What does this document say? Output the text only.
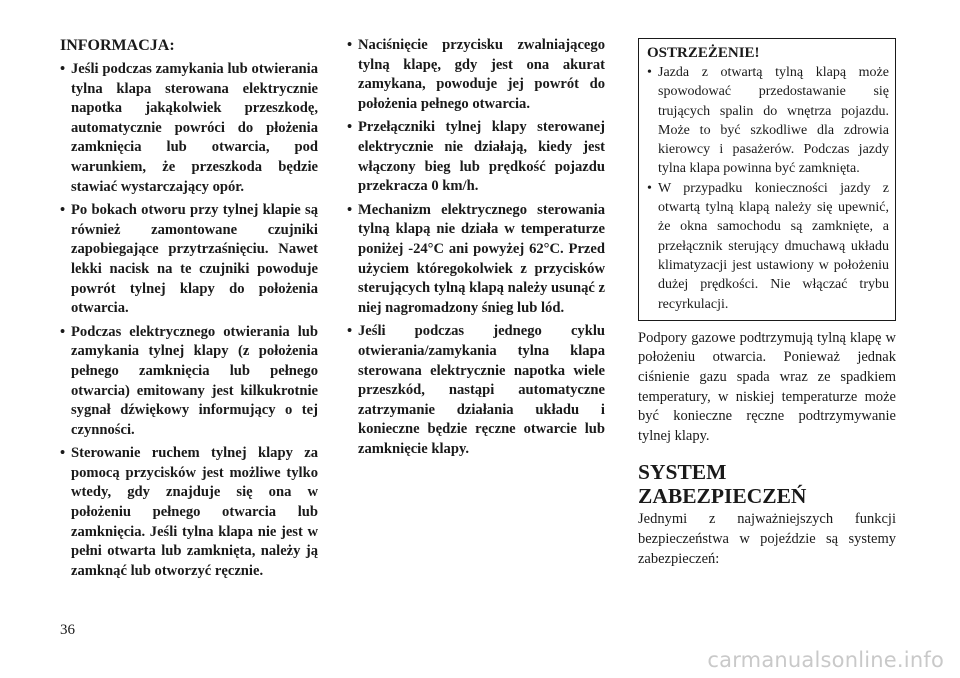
INFORMACJA:
• Jeśli podczas zamykania lub otwierania tylna klapa sterowana elektrycznie napotka jakąkolwiek przeszkodę, automatycznie powróci do płożenia zamknięcia lub otwarcia, pod warunkiem, że przeszkoda będzie stawiać wystarczający opór.
• Po bokach otworu przy tylnej klapie są również zamontowane czujniki zapobiegające przytrzaśnięciu. Nawet lekki nacisk na te czujniki powoduje powrót tylnej klapy do położenia otwarcia.
• Podczas elektrycznego otwierania lub zamykania tylnej klapy (z położenia pełnego zamknięcia lub pełnego otwarcia) emitowany jest kilkukrotnie sygnał dźwiękowy informujący o tej czynności.
• Sterowanie ruchem tylnej klapy za pomocą przycisków jest możliwe tylko wtedy, gdy znajduje się ona w położeniu pełnego otwarcia lub zamknięcia. Jeśli tylna klapa nie jest w pełni otwarta lub zamknięta, należy ją zamknąć lub otworzyć ręcznie.
• Naciśnięcie przycisku zwalniającego tylną klapę, gdy jest ona akurat zamykana, powoduje jej powrót do położenia pełnego otwarcia.
• Przełączniki tylnej klapy sterowanej elektrycznie nie działają, kiedy jest włączony bieg lub prędkość pojazdu przekracza 0 km/h.
• Mechanizm elektrycznego sterowania tylną klapą nie działa w temperaturze poniżej -24°C ani powyżej 62°C. Przed użyciem któregokolwiek z przycisków sterujących tylną klapą należy usunąć z niej nagromadzony śnieg lub lód.
• Jeśli podczas jednego cyklu otwierania/zamykania tylna klapa sterowana elektrycznie napotka wiele przeszkód, nastąpi automatyczne zatrzymanie działania układu i konieczne będzie ręczne otwarcie lub zamknięcie klapy.
OSTRZEŻENIE!
• Jazda z otwartą tylną klapą może spowodować przedostawanie się trujących spalin do wnętrza pojazdu. Może to być szkodliwe dla zdrowia kierowcy i pasażerów. Podczas jazdy tylna klapa powinna być zamknięta.
• W przypadku konieczności jazdy z otwartą tylną klapą należy się upewnić, że okna samochodu są zamknięte, a przełącznik sterujący dmuchawą układu klimatyzacji jest ustawiony w położeniu dużej prędkości. Nie włączać trybu recyrkulacji.

Podpory gazowe podtrzymują tylną klapę w położeniu otwarcia. Ponieważ jednak ciśnienie gazu spada wraz ze spadkiem temperatury, w niskiej temperaturze może być konieczne ręczne podtrzymywanie tylnej klapy.

SYSTEM
ZABEZPIECZEŃ

Jednymi z najważniejszych funkcji bezpieczeństwa w pojeździe są systemy zabezpieczeń:

36
carmanualsonline.info
